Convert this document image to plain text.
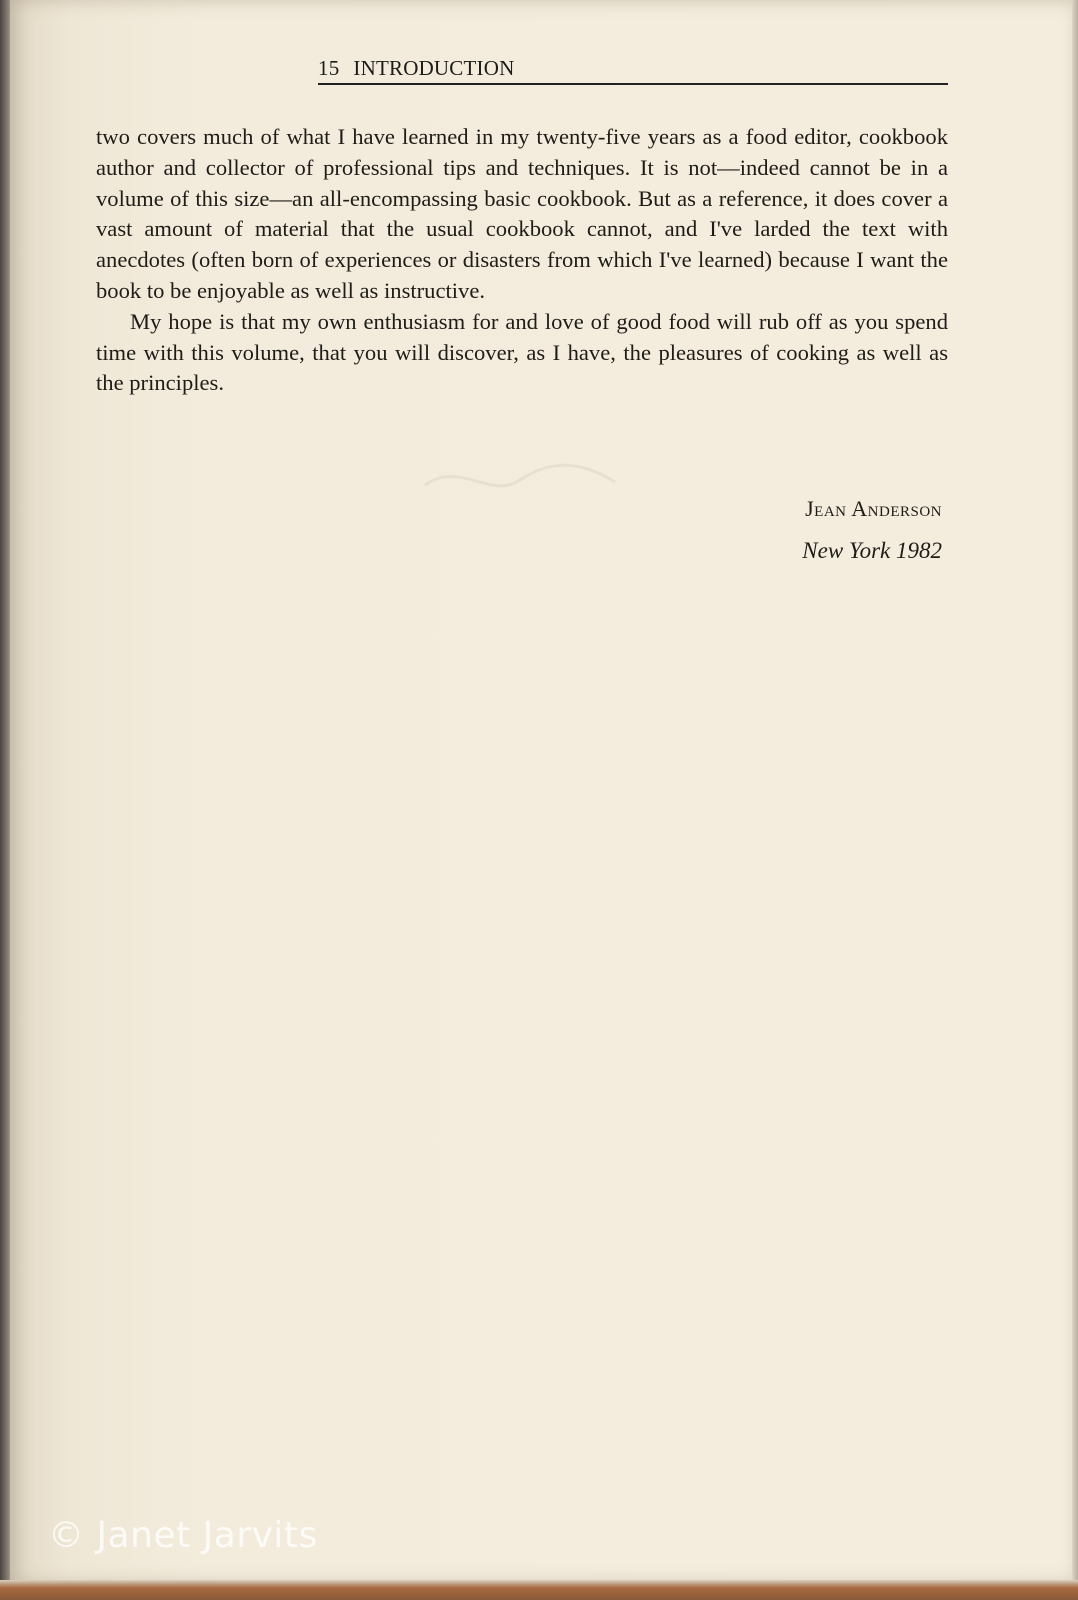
15 INTRODUCTION

two covers much of what I have learned in my twenty-five years as a food editor, cookbook author and collector of professional tips and techniques. It is not—indeed cannot be in a volume of this size—an all-encompassing basic cookbook. But as a reference, it does cover a vast amount of material that the usual cookbook cannot, and I've larded the text with anecdotes (often born of experiences or disasters from which I've learned) because I want the book to be enjoyable as well as instructive.

My hope is that my own enthusiasm for and love of good food will rub off as you spend time with this volume, that you will discover, as I have, the pleasures of cooking as well as the principles.

Jean Anderson
New York 1982
© Janet Jarvits
